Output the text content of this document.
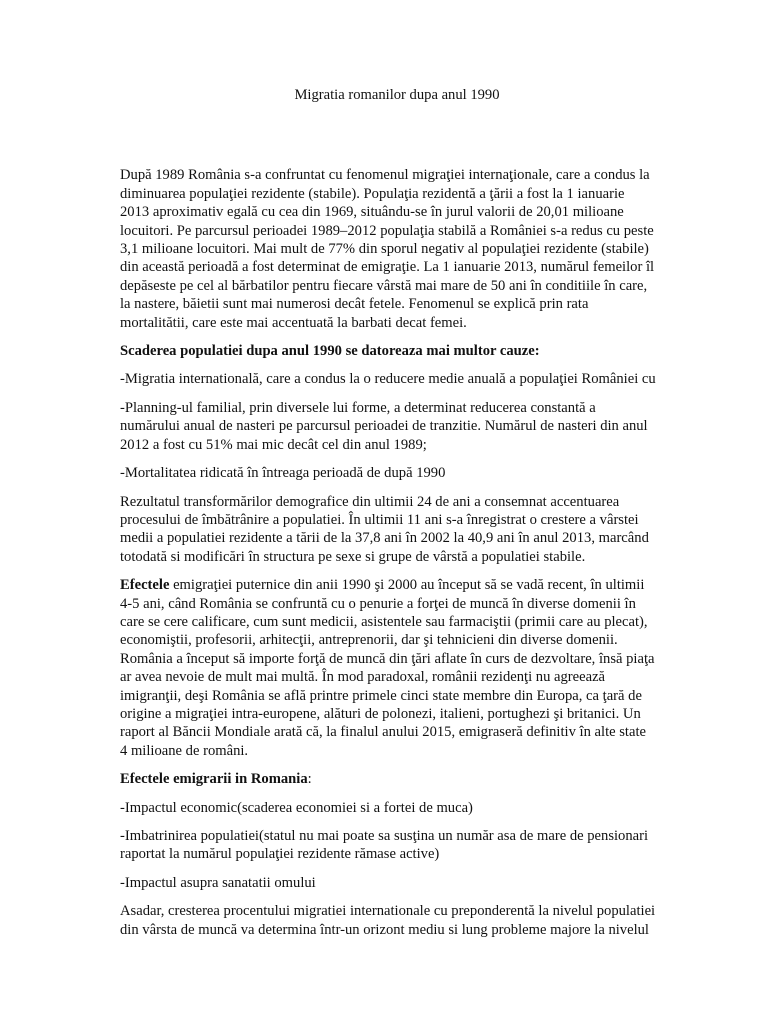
Migratia romanilor dupa anul 1990

După 1989 România s-a confruntat cu fenomenul migraţiei internaţionale, care a condus la diminuarea populaţiei rezidente (stabile). Populaţia rezidentă a ţării a fost la 1 ianuarie 2013 aproximativ egală cu cea din 1969, situându-se în jurul valorii de 20,01 milioane locuitori. Pe parcursul perioadei 1989–2012 populaţia stabilă a României s-a redus cu peste 3,1 milioane locuitori. Mai mult de 77% din sporul negativ al populaţiei rezidente (stabile) din această perioadă a fost determinat de emigraţie. La 1 ianuarie 2013, numărul femeilor îl depăseste pe cel al bărbatilor pentru fiecare vârstă mai mare de 50 ani în conditiile în care, la nastere, băietii sunt mai numerosi decât fetele. Fenomenul se explică prin rata mortalitătii, care este mai accentuată la barbati decat femei.

Scaderea populatiei dupa anul 1990 se datoreaza mai multor cauze:

-Migratia internatională, care a condus la o reducere medie anuală a populaţiei României cu

-Planning-ul familial, prin diversele lui forme, a determinat reducerea constantă a numărului anual de nasteri pe parcursul perioadei de tranzitie. Numărul de nasteri din anul 2012 a fost cu 51% mai mic decât cel din anul 1989;

-Mortalitatea ridicată în întreaga perioadă de după 1990

Rezultatul transformărilor demografice din ultimii 24 de ani a consemnat accentuarea procesului de îmbătrânire a populatiei. În ultimii 11 ani s-a înregistrat o crestere a vârstei medii a populatiei rezidente a tării de la 37,8 ani în 2002 la 40,9 ani în anul 2013, marcând totodată si modificări în structura pe sexe si grupe de vârstă a populatiei stabile.

Efectele emigraţiei puternice din anii 1990 şi 2000 au început să se vadă recent, în ultimii 4-5 ani, când România se confruntă cu o penurie a forţei de muncă în diverse domenii în care se cere calificare, cum sunt medicii, asistentele sau farmaciştii (primii care au plecat), economiştii, profesorii, arhitecţii, antreprenorii, dar şi tehnicieni din diverse domenii. România a început să importe forţă de muncă din ţări aflate în curs de dezvoltare, însă piaţa ar avea nevoie de mult mai multă. În mod paradoxal, românii rezidenţi nu agreează imigranţii, deşi România se află printre primele cinci state membre din Europa, ca ţară de origine a migraţiei intra-europene, alături de polonezi, italieni, portughezi şi britanici. Un raport al Băncii Mondiale arată că, la finalul anului 2015, emigraseră definitiv în alte state 4 milioane de români.

Efectele emigrarii in Romania:

-Impactul economic(scaderea economiei si a fortei de muca)

-Imbatrinirea populatiei(statul nu mai poate sa susţina un număr asa de mare de pensionari raportat la numărul populaţiei rezidente rămase active)

-Impactul asupra sanatatii omului

Asadar, cresterea procentului migratiei internationale cu preponderentă la nivelul populatiei din vârsta de muncă va determina într-un orizont mediu si lung probleme majore la nivelul
